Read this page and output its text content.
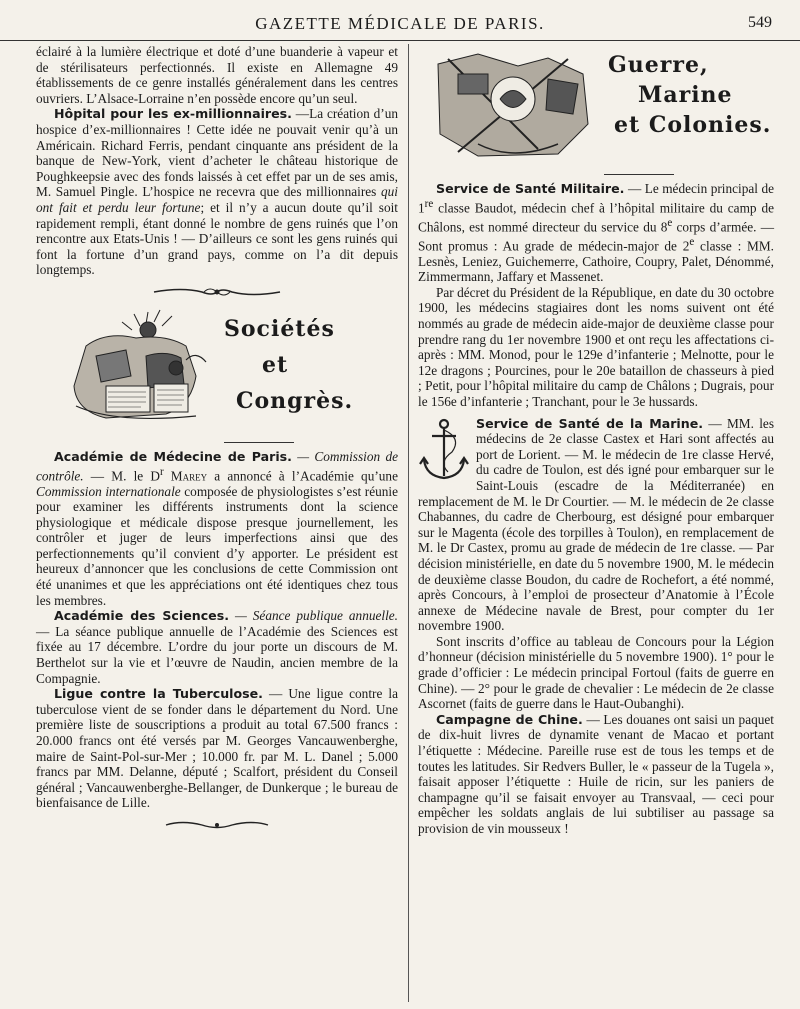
GAZETTE MÉDICALE DE PARIS.	549

éclairé à la lumière électrique et doté d’une buanderie à vapeur et de stérilisateurs perfectionnés. Il existe en Allemagne 49 établissements de ce genre installés généralement dans les centres ouvriers. L’Alsace-Lorraine n’en possède encore qu’un seul.

Hôpital pour les ex-millionnaires. —La création d’un hospice d’ex-millionnaires ! Cette idée ne pouvait venir qu’à un Américain. Richard Ferris, pendant cinquante ans président de la banque de New-York, vient d’acheter le château historique de Poughkeepsie avec des fonds laissés à cet effet par un de ses amis, M. Samuel Pingle. L’hospice ne recevra que des millionnaires qui ont fait et perdu leur fortune; et il n’y a aucun doute qu’il soit rapidement rempli, étant donné le nombre de gens ruinés que l’on rencontre aux Etats-Unis ! — D’ailleurs ce sont les gens ruinés qui font la fortune d’un grand pays, comme on l’a dit depuis longtemps.

Sociétés
et
Congrès.

Académie de Médecine de Paris. — Commission de contrôle. — M. le $D^r$ Marey a annoncé à l’Académie qu’une Commission internationale composée de physiologistes s’est réunie pour examiner les différents instruments dont la science physiologique et médicale dispose presque journellement, les contrôler et juger de leurs imperfections ainsi que des perfectionnements qu’il convient d’y apporter. Le président est heureux d’annoncer que les conclusions de cette Commission ont été unanimes et que les appréciations ont été identiques chez tous les membres.

Académie des Sciences. — Séance publique annuelle. — La séance publique annuelle de l’Académie des Sciences est fixée au 17 décembre. L’ordre du jour porte un discours de M. Berthelot sur la vie et l’œuvre de Naudin, ancien membre de la Compagnie.

Ligue contre la Tuberculose. — Une ligue contre la tuberculose vient de se fonder dans le département du Nord. Une première liste de souscriptions a produit au total 67.500 francs : 20.000 francs ont été versés par M. Georges Vancauwenberghe, maire de Saint-Pol-sur-Mer ; 10.000 fr. par M. L. Danel ; 5.000 francs par MM. Delanne, député ; Scalfort, président du Conseil général ; Vancauwenberghe-Bellanger, de Dunkerque ; le bureau de bienfaisance de Lille.

Guerre,
Marine
et Colonies.

Service de Santé Militaire. — Le médecin principal de 1re classe Baudot, médecin chef à l’hôpital militaire du camp de Châlons, est nommé directeur du service du 8e corps d’armée. — Sont promus : Au grade de médecin-major de 2e classe : MM. Lesnès, Leniez, Guichemerre, Cathoire, Coupry, Palet, Dénommé, Zimmermann, Jaffary et Massenet.

Par décret du Président de la République, en date du 30 octobre 1900, les médecins stagiaires dont les noms suivent ont été nommés au grade de médecin aide-major de deuxième classe pour prendre rang du 1er novembre 1900 et ont reçu les affectations ci-après : MM. Monod, pour le 129e d’infanterie ; Melnotte, pour le 12e dragons ; Pourcines, pour le 20e bataillon de chasseurs à pied ; Petit, pour l’hôpital militaire du camp de Châlons ; Dugrais, pour le 156e d’infanterie ; Tranchant, pour le 3e hussards.

Service de Santé de la Marine. — MM. les médecins de 2e classe Castex et Hari sont affectés au port de Lorient. — M. le médecin de 1re classe Hervé, du cadre de Toulon, est dés igné pour embarquer sur le Saint-Louis (escadre de la Méditerranée) en remplacement de M. le Dr Courtier. — M. le médecin de 2e classe Chabannes, du cadre de Cherbourg, est désigné pour embarquer sur le Magenta (école des torpilles à Toulon), en remplacement de M. le Dr Castex, promu au grade de médecin de 1re classe. — Par décision ministérielle, en date du 5 novembre 1900, M. le médecin de deuxième classe Boudon, du cadre de Rochefort, a été nommé, après Concours, à l’emploi de prosecteur d’Anatomie à l’École annexe de Médecine navale de Brest, pour compter du 1er novembre 1900.

Sont inscrits d’office au tableau de Concours pour la Légion d’honneur (décision ministérielle du 5 novembre 1900). 1° pour le grade d’officier : Le médecin principal Fortoul (faits de guerre en Chine). — 2° pour le grade de chevalier : Le médecin de 2e classe Ascornet (faits de guerre dans le Haut-Oubanghi).

Campagne de Chine. — Les douanes ont saisi un paquet de dix-huit livres de dynamite venant de Macao et portant l’étiquette : Médecine. Pareille ruse est de tous les temps et de toutes les latitudes. Sir Redvers Buller, le « passeur de la Tugela », faisait apposer l’étiquette : Huile de ricin, sur les paniers de champagne qu’il se faisait envoyer au Transvaal, — ceci pour empêcher les soldats anglais de lui subtiliser au passage sa provision de vin mousseux !
